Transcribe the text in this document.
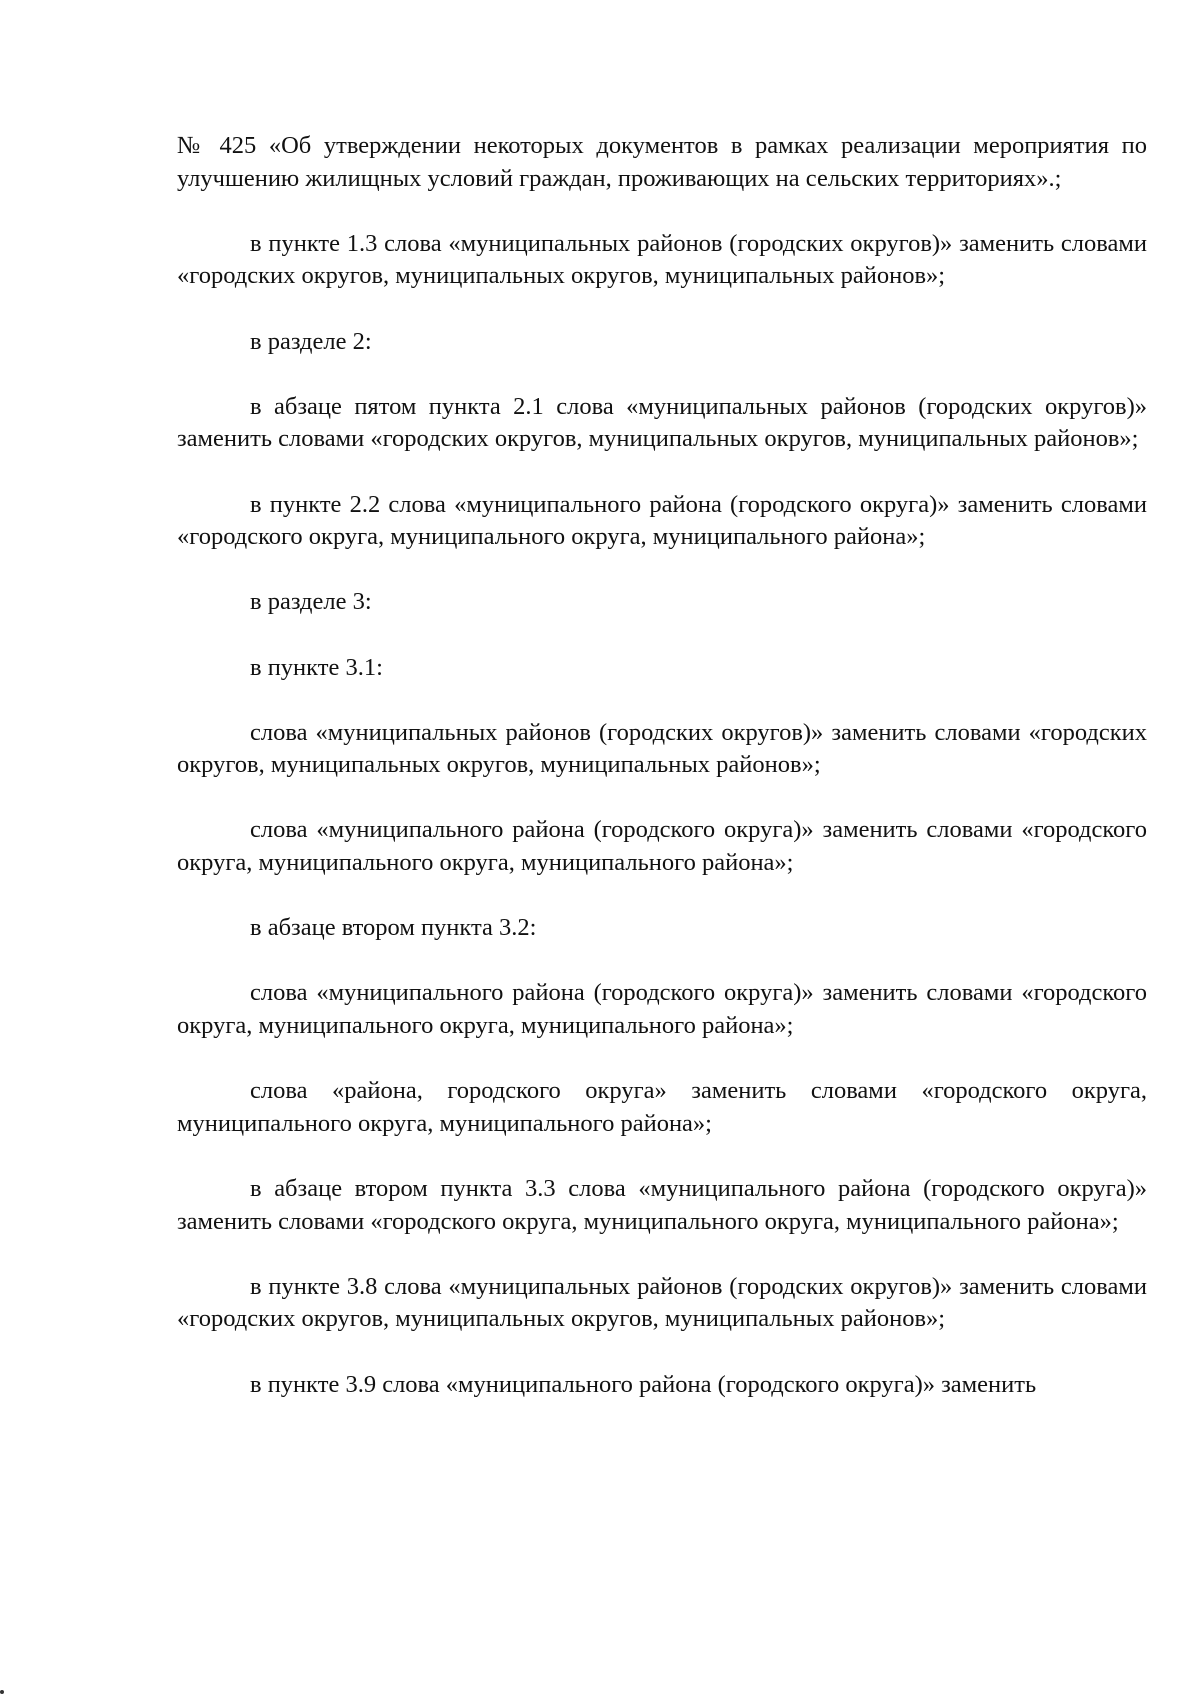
№ 425 «Об утверждении некоторых документов в рамках реализации мероприятия по улучшению жилищных условий граждан, проживающих на сельских территориях».;

в пункте 1.3 слова «муниципальных районов (городских округов)» заменить словами «городских округов, муниципальных округов, муниципальных районов»;

в разделе 2:

в абзаце пятом пункта 2.1 слова «муниципальных районов (городских округов)» заменить словами «городских округов, муниципальных округов, муниципальных районов»;

в пункте 2.2 слова «муниципального района (городского округа)» заменить словами «городского округа, муниципального округа, муниципального района»;

в разделе 3:

в пункте 3.1:

слова «муниципальных районов (городских округов)» заменить словами «городских округов, муниципальных округов, муниципальных районов»;

слова «муниципального района (городского округа)» заменить словами «городского округа, муниципального округа, муниципального района»;

в абзаце втором пункта 3.2:

слова «муниципального района (городского округа)» заменить словами «городского округа, муниципального округа, муниципального района»;

слова «района, городского округа» заменить словами «городского округа, муниципального округа, муниципального района»;

в абзаце втором пункта 3.3 слова «муниципального района (городского округа)» заменить словами «городского округа, муниципального округа, муниципального района»;

в пункте 3.8 слова «муниципальных районов (городских округов)» заменить словами «городских округов, муниципальных округов, муниципальных районов»;

в пункте 3.9 слова «муниципального района (городского округа)» заменить
